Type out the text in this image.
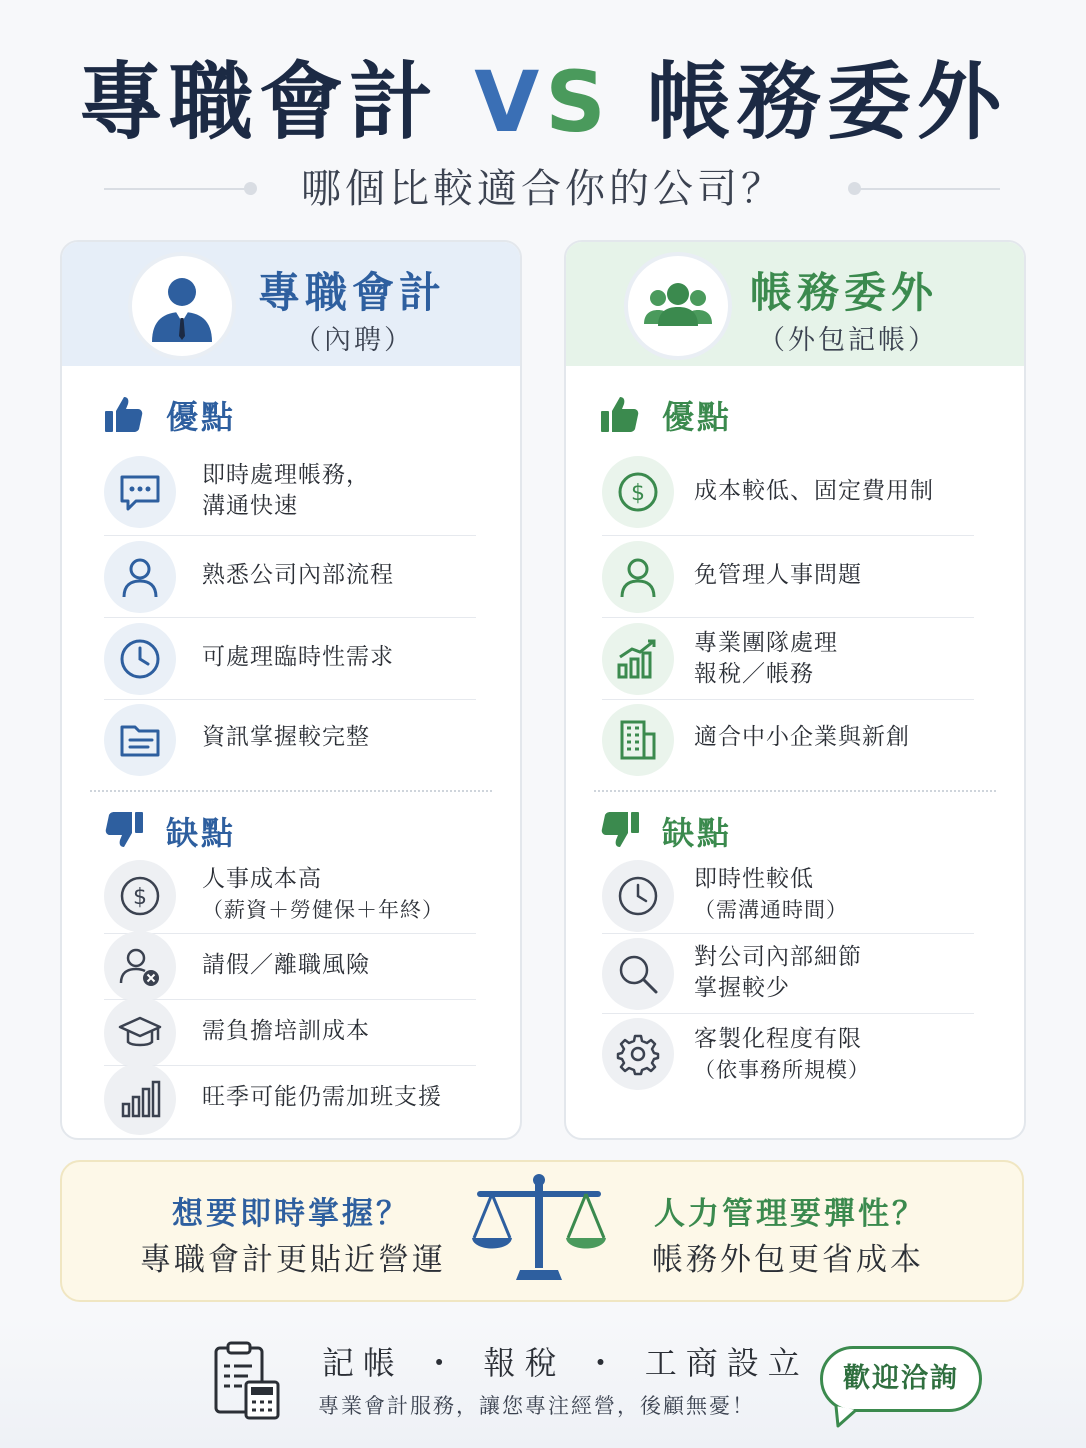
專職會計 VS 帳務委外
哪個比較適合你的公司？
專職會計
（內聘）
優點
即時處理帳務，
溝通快速
熟悉公司內部流程
可處理臨時性需求
資訊掌握較完整
缺點
$
人事成本高
（薪資＋勞健保＋年終）
請假／離職風險
需負擔培訓成本
旺季可能仍需加班支援
帳務委外
（外包記帳）
優點
$ 成本較低、固定費用制
免管理人事問題
專業團隊處理
報稅／帳務
適合中小企業與新創
缺點
即時性較低
（需溝通時間）
對公司內部細節
掌握較少
客製化程度有限
（依事務所規模）
想要即時掌握？
專職會計更貼近營運
人力管理要彈性？
帳務外包更省成本
記帳 ・ 報稅 ・ 工商設立
專業會計服務，讓您專注經營，後顧無憂！
歡迎洽詢
